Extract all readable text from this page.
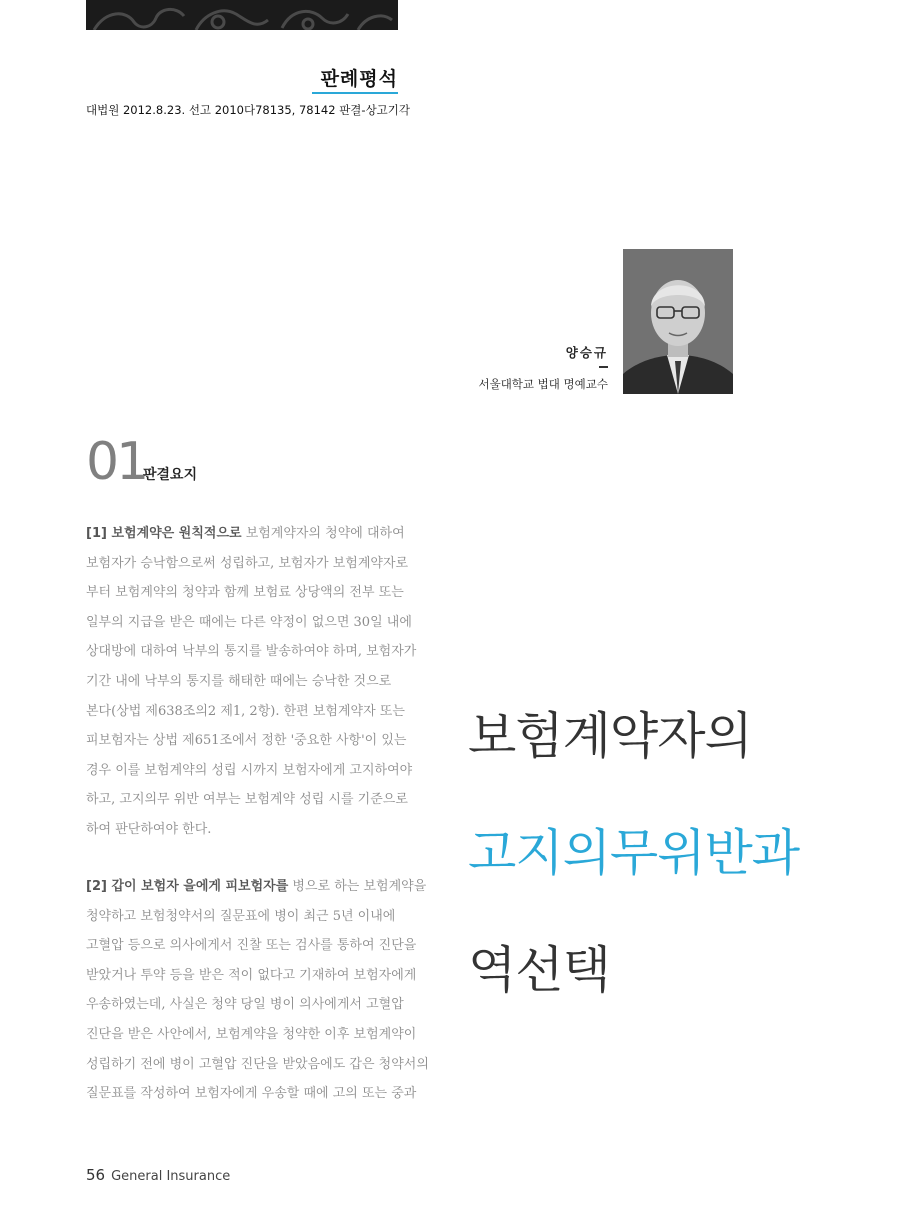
판례평석
대법원 2012.8.23. 선고 2010다78135, 78142 판결-상고기각
양승규
서울대학교 법대 명예교수
01
판결요지
[1] 보험계약은 원칙적으로 보험계약자의 청약에 대하여
보험자가 승낙함으로써 성립하고, 보험자가 보험계약자로
부터 보험계약의 청약과 함께 보험료 상당액의 전부 또는
일부의 지급을 받은 때에는 다른 약정이 없으면 30일 내에
상대방에 대하여 낙부의 통지를 발송하여야 하며, 보험자가
기간 내에 낙부의 통지를 해태한 때에는 승낙한 것으로
본다(상법 제638조의2 제1, 2항). 한편 보험계약자 또는
피보험자는 상법 제651조에서 정한 '중요한 사항'이 있는
경우 이를 보험계약의 성립 시까지 보험자에게 고지하여야
하고, 고지의무 위반 여부는 보험계약 성립 시를 기준으로
하여 판단하여야 한다.
[2] 갑이 보험자 을에게 피보험자를 병으로 하는 보험계약을
청약하고 보험청약서의 질문표에 병이 최근 5년 이내에
고혈압 등으로 의사에게서 진찰 또는 검사를 통하여 진단을
받았거나 투약 등을 받은 적이 없다고 기재하여 보험자에게
우송하였는데, 사실은 청약 당일 병이 의사에게서 고혈압
진단을 받은 사안에서, 보험계약을 청약한 이후 보험계약이
성립하기 전에 병이 고혈압 진단을 받았음에도 갑은 청약서의
질문표를 작성하여 보험자에게 우송할 때에 고의 또는 중과
보험계약자의
고지의무위반과
역선택
56 General Insurance
